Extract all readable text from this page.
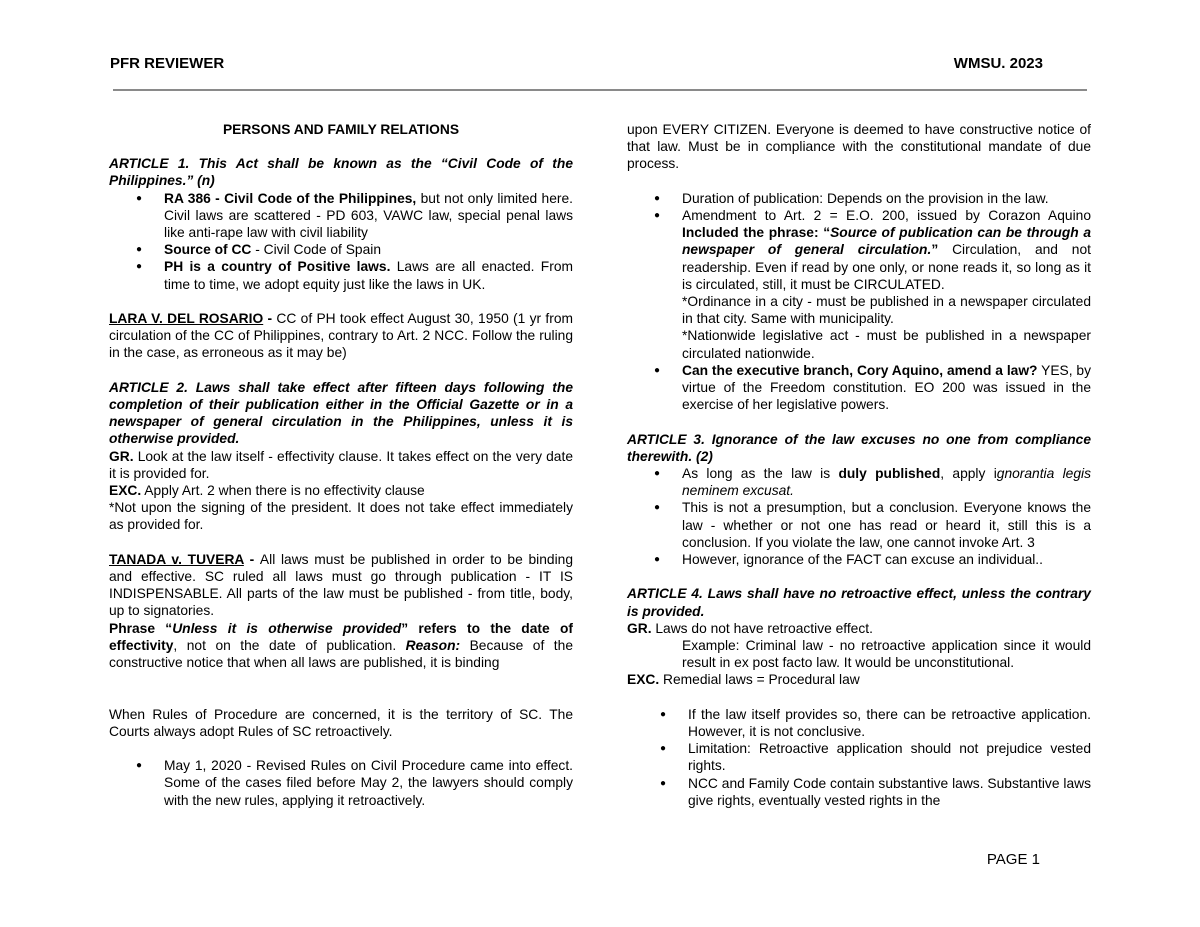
PFR REVIEWER	WMSU. 2023

PERSONS AND FAMILY RELATIONS

ARTICLE 1. This Act shall be known as the “Civil Code of the Philippines.” (n)

● RA 386 - Civil Code of the Philippines, but not only limited here. Civil laws are scattered - PD 603, VAWC law, special penal laws like anti-rape law with civil liability
● Source of CC - Civil Code of Spain
● PH is a country of Positive laws. Laws are all enacted. From time to time, we adopt equity just like the laws in UK.

LARA V. DEL ROSARIO - CC of PH took effect August 30, 1950 (1 yr from circulation of the CC of Philippines, contrary to Art. 2 NCC. Follow the ruling in the case, as erroneous as it may be)

ARTICLE 2. Laws shall take effect after fifteen days following the completion of their publication either in the Official Gazette or in a newspaper of general circulation in the Philippines, unless it is otherwise provided.

GR. Look at the law itself - effectivity clause. It takes effect on the very date it is provided for.

EXC. Apply Art. 2 when there is no effectivity clause

*Not upon the signing of the president. It does not take effect immediately as provided for.

TANADA v. TUVERA - All laws must be published in order to be binding and effective. SC ruled all laws must go through publication - IT IS INDISPENSABLE. All parts of the law must be published - from title, body, up to signatories.

Phrase “Unless it is otherwise provided” refers to the date of effectivity, not on the date of publication. Reason: Because of the constructive notice that when all laws are published, it is binding

When Rules of Procedure are concerned, it is the territory of SC. The Courts always adopt Rules of SC retroactively.

● May 1, 2020 - Revised Rules on Civil Procedure came into effect. Some of the cases filed before May 2, the lawyers should comply with the new rules, applying it retroactively.

upon EVERY CITIZEN. Everyone is deemed to have constructive notice of that law. Must be in compliance with the constitutional mandate of due process.

● Duration of publication: Depends on the provision in the law.
● Amendment to Art. 2 = E.O. 200, issued by Corazon Aquino Included the phrase: “Source of publication can be through a newspaper of general circulation.” Circulation, and not readership. Even if read by one only, or none reads it, so long as it is circulated, still, it must be CIRCULATED.

*Ordinance in a city - must be published in a newspaper circulated in that city. Same with municipality.

*Nationwide legislative act - must be published in a newspaper circulated nationwide.

● Can the executive branch, Cory Aquino, amend a law? YES, by virtue of the Freedom constitution. EO 200 was issued in the exercise of her legislative powers.

ARTICLE 3. Ignorance of the law excuses no one from compliance therewith. (2)

● As long as the law is duly published, apply ignorantia legis neminem excusat.
● This is not a presumption, but a conclusion. Everyone knows the law - whether or not one has read or heard it, still this is a conclusion. If you violate the law, one cannot invoke Art. 3
● However, ignorance of the FACT can excuse an individual..

ARTICLE 4. Laws shall have no retroactive effect, unless the contrary is provided.

GR. Laws do not have retroactive effect.

Example: Criminal law - no retroactive application since it would result in ex post facto law. It would be unconstitutional.

EXC. Remedial laws = Procedural law

● If the law itself provides so, there can be retroactive application. However, it is not conclusive.
● Limitation: Retroactive application should not prejudice vested rights.
● NCC and Family Code contain substantive laws. Substantive laws give rights, eventually vested rights in the
PAGE 1
